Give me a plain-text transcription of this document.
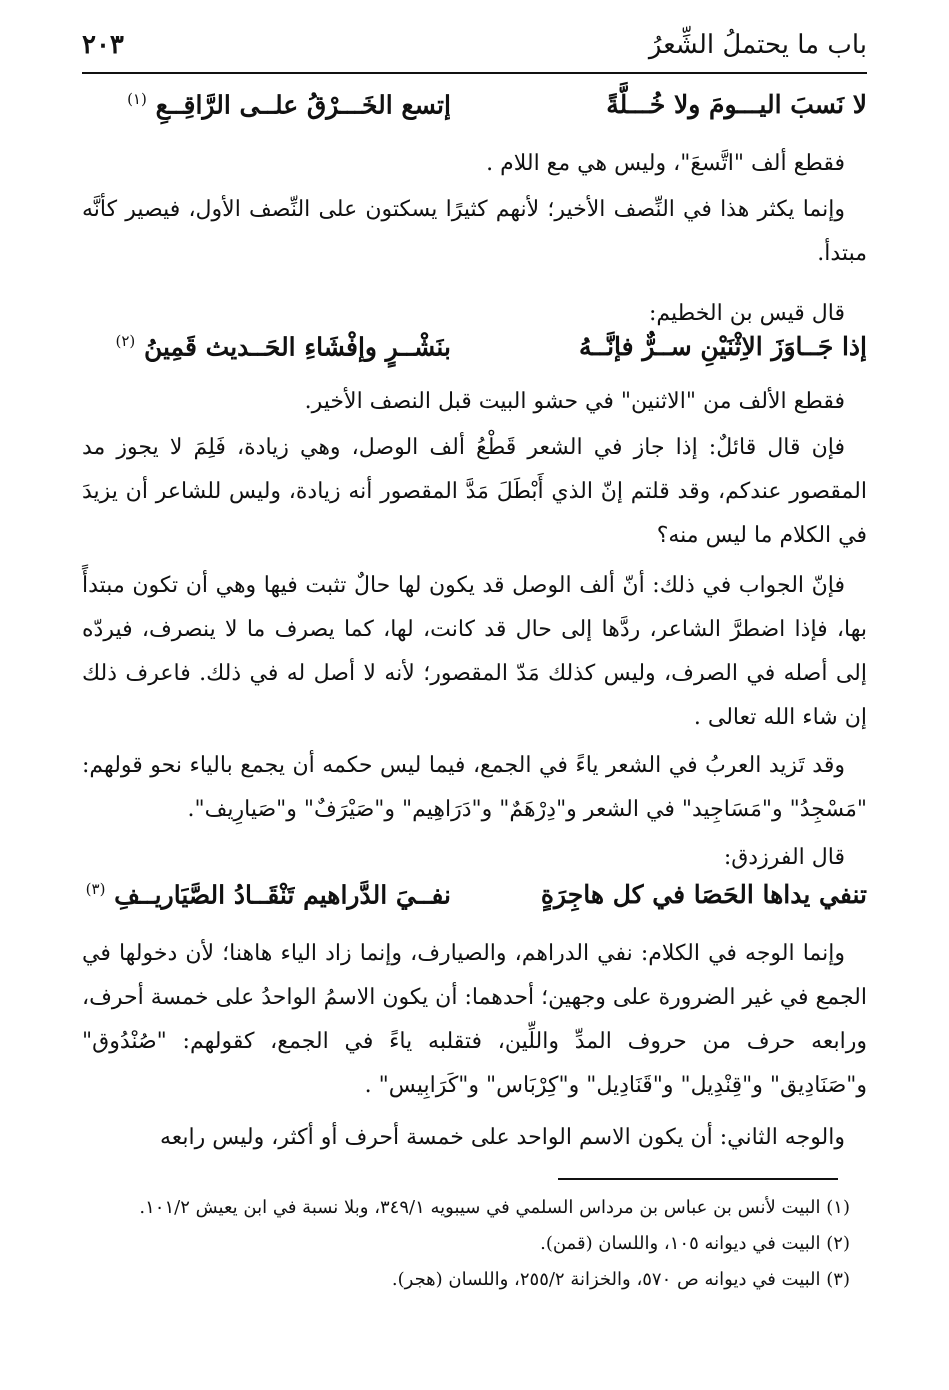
باب ما يحتملُ الشِّعرُ
٢٠٣
لا نَسبَ اليـــومَ ولا خُـــلَّةً
إتسع الخَـــرْقُ علــى الرَّاقِــعِ $^{(١)}$
فقطع ألف "اتَّسعَ"، وليس هي مع اللام .
وإنما يكثر هذا في النِّصف الأخير؛ لأنهم كثيرًا يسكتون على النِّصف الأول، فيصير كأنَّه مبتدأ.
قال قيس بن الخطيم:
إذا جَــاوَزَ الاِثْنَيْنِ ســرٌّ فإنَّــهُ
بنَشْــرٍ وإفْشَاءِ الحَــديث قَمِينُ $^{(٢)}$
فقطع الألف من "الاثنين" في حشو البيت قبل النصف الأخير.
فإن قال قائلٌ: إذا جاز في الشعر قَطْعُ ألف الوصل، وهي زيادة، فَلِمَ لا يجوز مد المقصور عندكم، وقد قلتم إنّ الذي أَبْطَلَ مَدَّ المقصور أنه زيادة، وليس للشاعر أن يزيدَ في الكلام ما ليس منه؟
فإنّ الجواب في ذلك: أنّ ألف الوصل قد يكون لها حالٌ تثبت فيها وهي أن تكون مبتدأً بها، فإذا اضطرَّ الشاعر، ردَّها إلى حال قد كانت، لها، كما يصرف ما لا ينصرف، فيردّه إلى أصله في الصرف، وليس كذلك مَدّ المقصور؛ لأنه لا أصل له في ذلك. فاعرف ذلك إن شاء الله تعالى .
وقد تَزيد العربُ في الشعر ياءً في الجمع، فيما ليس حكمه أن يجمع بالياء نحو قولهم: "مَسْجِدُ" و"مَسَاجِيد" في الشعر و"دِرْهَمٌ" و"دَرَاهِيم" و"صَيْرَفٌ" و"صَيارِيف".
قال الفرزدق:
تنفي يداها الحَصَا في كل هاجِرَةٍ
نفــيَ الدَّراهيم تَنْقَــادُ الصَّيَاريــفِ $^{(٣)}$
وإنما الوجه في الكلام: نفي الدراهم، والصيارف، وإنما زاد الياء هاهنا؛ لأن دخولها في الجمع في غير الضرورة على وجهين؛ أحدهما: أن يكون الاسمُ الواحدُ على خمسة أحرف، ورابعه حرف من حروف المدِّ واللِّين، فتقلبه ياءً في الجمع، كقولهم: "صُنْدُوق" و"صَنَادِيق" و"قِنْدِيل" و"قَنَادِيل" و"كِرْبَاس" و"كَرَابِيس" .
والوجه الثاني: أن يكون الاسم الواحد على خمسة أحرف أو أكثر، وليس رابعه
(١) البيت لأنس بن عباس بن مرداس السلمي في سيبويه ٣٤٩/١، وبلا نسبة في ابن يعيش ١٠١/٢.
(٢) البيت في ديوانه ١٠٥، واللسان (قمن).
(٣) البيت في ديوانه ص ٥٧٠، والخزانة ٢٥٥/٢، واللسان (هجر).
